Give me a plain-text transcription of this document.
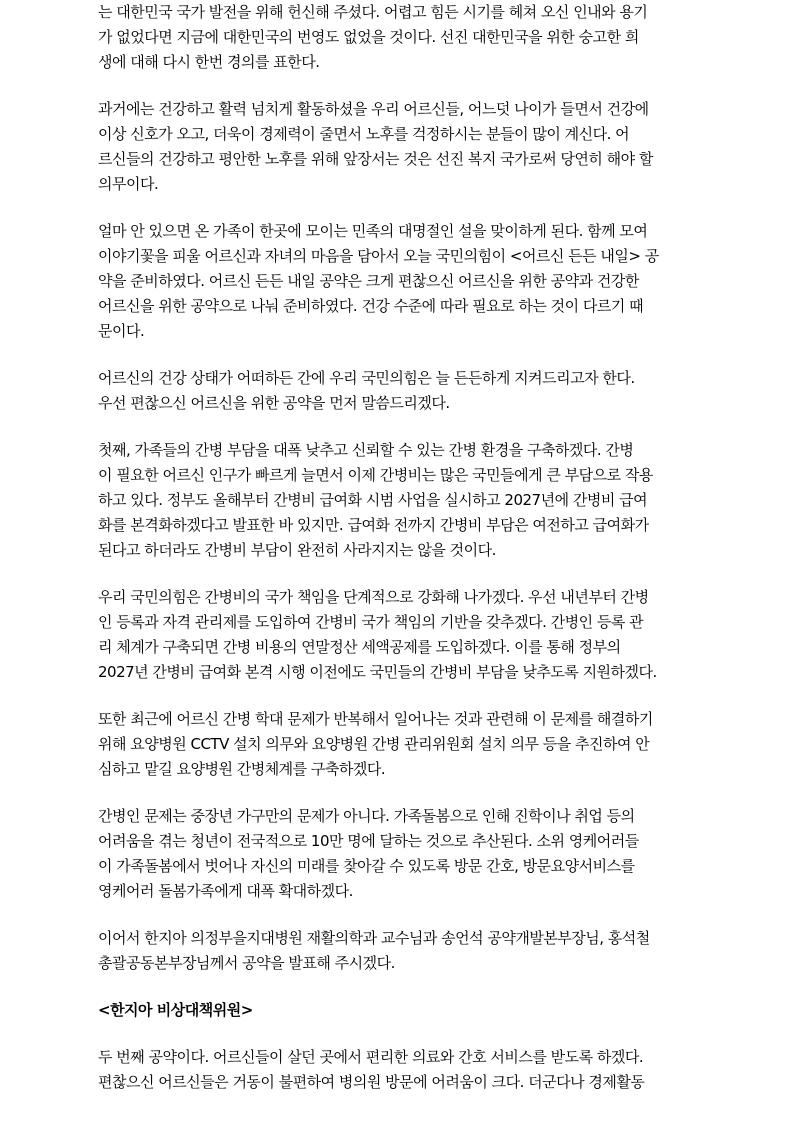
는 대한민국 국가 발전을 위해 헌신해 주셨다. 어렵고 힘든 시기를 헤쳐 오신 인내와 용기
가 없었다면 지금에 대한민국의 번영도 없었을 것이다. 선진 대한민국을 위한 숭고한 희
생에 대해 다시 한번 경의를 표한다.
과거에는 건강하고 활력 넘치게 활동하셨을 우리 어르신들, 어느덧 나이가 들면서 건강에
이상 신호가 오고, 더욱이 경제력이 줄면서 노후를 걱정하시는 분들이 많이 계신다. 어
르신들의 건강하고 평안한 노후를 위해 앞장서는 것은 선진 복지 국가로써 당연히 해야 할
의무이다.
얼마 안 있으면 온 가족이 한곳에 모이는 민족의 대명절인 설을 맞이하게 된다. 함께 모여
이야기꽃을 피울 어르신과 자녀의 마음을 담아서 오늘 국민의힘이 <어르신 든든 내일> 공
약을 준비하였다. 어르신 든든 내일 공약은 크게 편찮으신 어르신을 위한 공약과 건강한
어르신을 위한 공약으로 나눠 준비하였다. 건강 수준에 따라 필요로 하는 것이 다르기 때
문이다.
어르신의 건강 상태가 어떠하든 간에 우리 국민의힘은 늘 든든하게 지켜드리고자 한다.
우선 편찮으신 어르신을 위한 공약을 먼저 말씀드리겠다.
첫째, 가족들의 간병 부담을 대폭 낮추고 신뢰할 수 있는 간병 환경을 구축하겠다. 간병
이 필요한 어르신 인구가 빠르게 늘면서 이제 간병비는 많은 국민들에게 큰 부담으로 작용
하고 있다. 정부도 올해부터 간병비 급여화 시범 사업을 실시하고 2027년에 간병비 급여
화를 본격화하겠다고 발표한 바 있지만. 급여화 전까지 간병비 부담은 여전하고 급여화가
된다고 하더라도 간병비 부담이 완전히 사라지지는 않을 것이다.
우리 국민의힘은 간병비의 국가 책임을 단계적으로 강화해 나가겠다. 우선 내년부터 간병
인 등록과 자격 관리제를 도입하여 간병비 국가 책임의 기반을 갖추겠다. 간병인 등록 관
리 체계가 구축되면 간병 비용의 연말정산 세액공제를 도입하겠다. 이를 통해 정부의
2027년 간병비 급여화 본격 시행 이전에도 국민들의 간병비 부담을 낮추도록 지원하겠다.
또한 최근에 어르신 간병 학대 문제가 반복해서 일어나는 것과 관련해 이 문제를 해결하기
위해 요양병원 CCTV 설치 의무와 요양병원 간병 관리위원회 설치 의무 등을 추진하여 안
심하고 맡길 요양병원 간병체계를 구축하겠다.
간병인 문제는 중장년 가구만의 문제가 아니다. 가족돌봄으로 인해 진학이나 취업 등의
어려움을 겪는 청년이 전국적으로 10만 명에 달하는 것으로 추산된다. 소위 영케어러들
이 가족돌봄에서 벗어나 자신의 미래를 찾아갈 수 있도록 방문 간호, 방문요양서비스를
영케어러 돌봄가족에게 대폭 확대하겠다.
이어서 한지아 의정부을지대병원 재활의학과 교수님과 송언석 공약개발본부장님, 홍석철
총괄공동본부장님께서 공약을 발표해 주시겠다.
<한지아 비상대책위원>
두 번째 공약이다. 어르신들이 살던 곳에서 편리한 의료와 간호 서비스를 받도록 하겠다.
편찮으신 어르신들은 거동이 불편하여 병의원 방문에 어려움이 크다. 더군다나 경제활동
